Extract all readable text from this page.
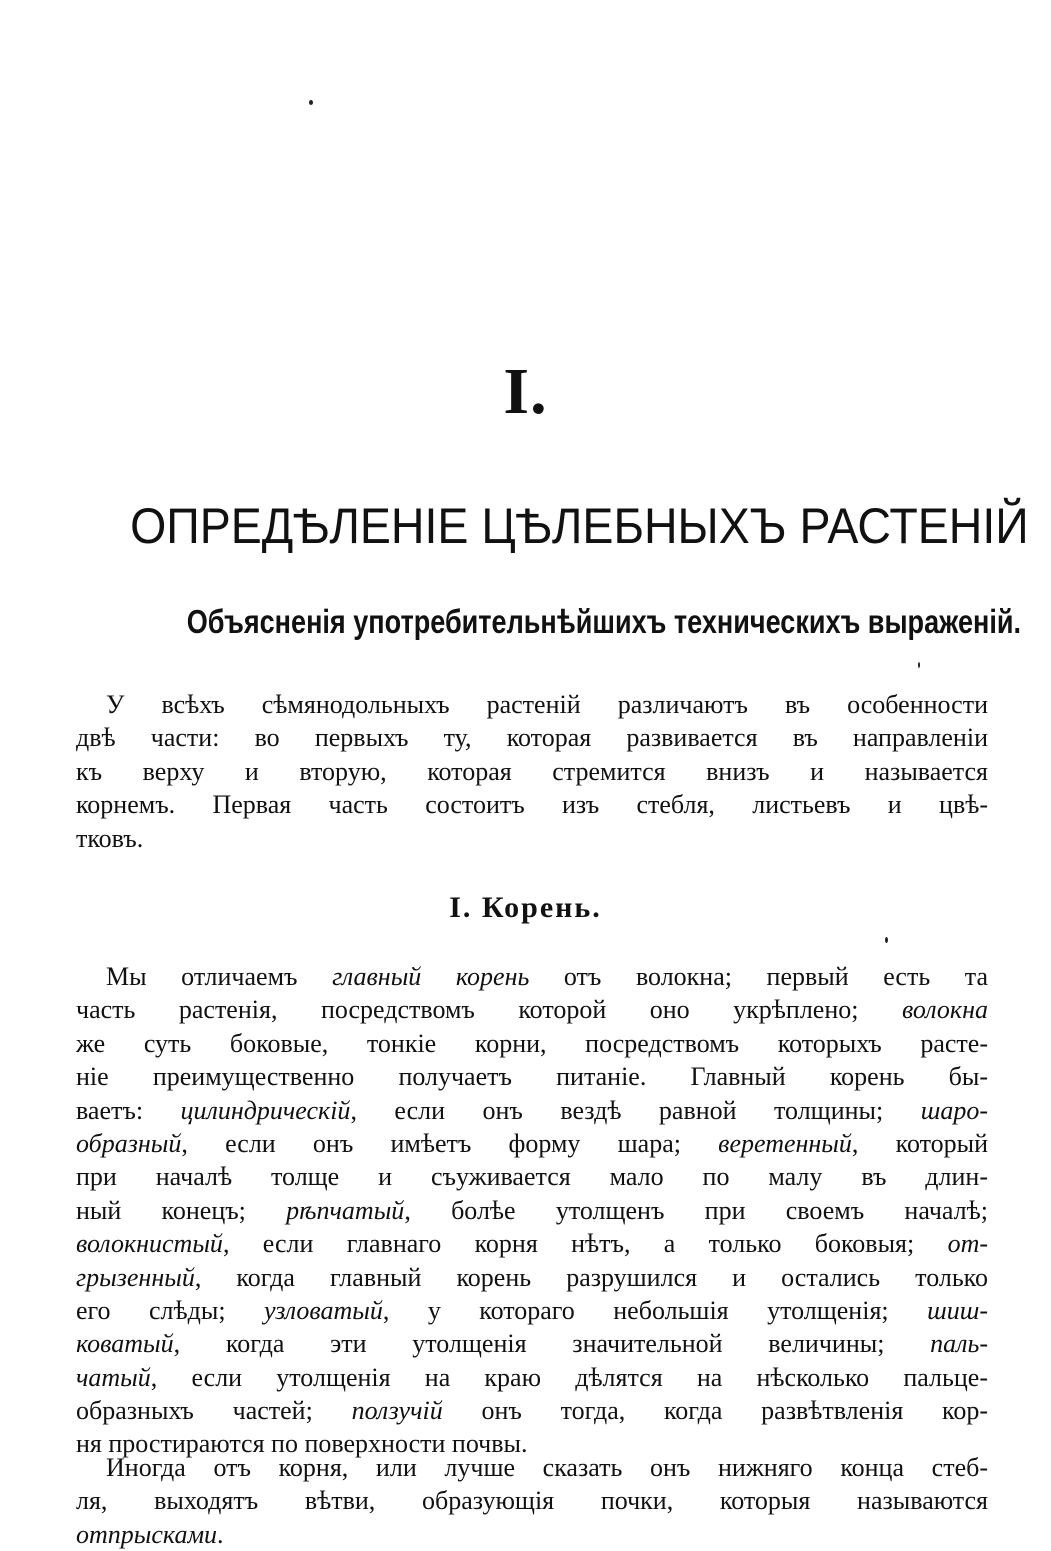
I.
ОПРЕДѢЛЕНІЕ ЦѢЛЕБНЫХЪ РАСТЕНІЙ
Объясненія употребительнѣйшихъ техническихъ выраженій.
У всѣхъ сѣмянодольныхъ растеній различаютъ въ особенности
двѣ части: во первыхъ ту, которая развивается въ направленіи
къ верху и вторую, которая стремится внизъ и называется
корнемъ. Первая часть состоитъ изъ стебля, листьевъ и цвѣ-
тковъ.
I. Корень.
Мы отличаемъ главный корень отъ волокна; первый есть та
часть растенія, посредствомъ которой оно укрѣплено; волокна
же суть боковые, тонкіе корни, посредствомъ которыхъ расте-
ніе преимущественно получаетъ питаніе. Главный корень бы-
ваетъ: цилиндрическій, если онъ вездѣ равной толщины; шаро-
образный, если онъ имѣетъ форму шара; веретенный, который
при началѣ толще и съуживается мало по малу въ длин-
ный конецъ; рѣпчатый, болѣе утолщенъ при своемъ началѣ;
волокнистый, если главнаго корня нѣтъ, а только боковыя; от-
грызенный, когда главный корень разрушился и остались только
его слѣды; узловатый, у котораго небольшія утолщенія; шиш-
коватый, когда эти утолщенія значительной величины; паль-
чатый, если утолщенія на краю дѣлятся на нѣсколько пальце-
образныхъ частей; ползучій онъ тогда, когда развѣтвленія кор-
ня простираются по поверхности почвы.
Иногда отъ корня, или лучше сказать онъ нижняго конца стеб-
ля, выходятъ вѣтви, образующія почки, которыя называются
отпрысками.
